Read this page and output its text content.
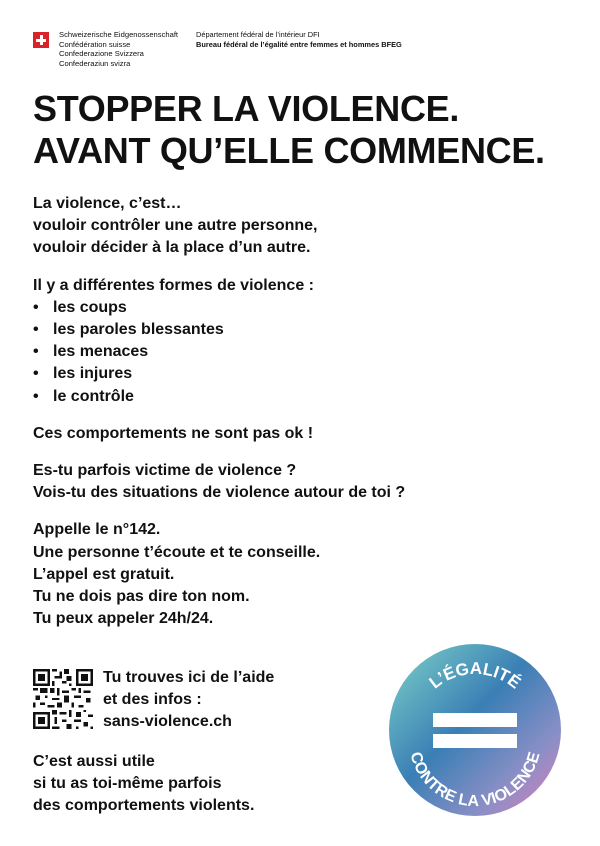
Schweizerische Eidgenossenschaft
Confédération suisse
Confederazione Svizzera
Confederaziun svizra
Département fédéral de l’intérieur DFI
Bureau fédéral de l’égalité entre femmes et hommes BFEG
STOPPER LA VIOLENCE.
AVANT QU’ELLE COMMENCE.
La violence, c’est…
vouloir contrôler une autre personne,
vouloir décider à la place d’un autre.
Il y a différentes formes de violence :
• les coups
• les paroles blessantes
• les menaces
• les injures
• le contrôle
Ces comportements ne sont pas ok !
Es-tu parfois victime de violence ?
Vois-tu des situations de violence autour de toi ?
Appelle le n°142.
Une personne t’écoute et te conseille.
L’appel est gratuit.
Tu ne dois pas dire ton nom.
Tu peux appeler 24h/24.
Tu trouves ici de l’aide
et des infos :
sans-violence.ch
C’est aussi utile
si tu as toi-même parfois
des comportements violents.
L’ÉGALITÉ
CONTRE LA VIOLENCE
